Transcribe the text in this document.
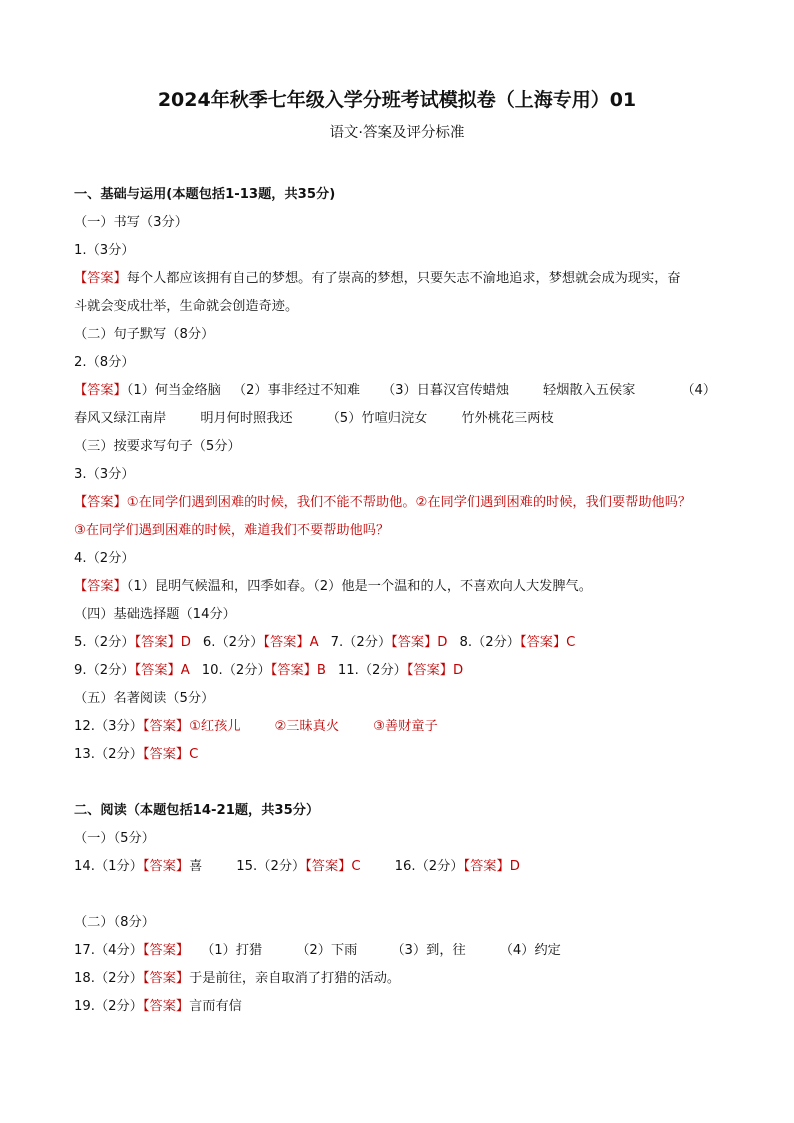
2024年秋季七年级入学分班考试模拟卷（上海专用）01
语文·答案及评分标准
一、基础与运用(本题包括1-13题，共35分)
（一）书写（3分）
1.（3分）
【答案】每个人都应该拥有自己的梦想。有了崇高的梦想，只要矢志不渝地追求，梦想就会成为现实，奋
斗就会变成壮举，生命就会创造奇迹。
（二）句子默写（8分）
2.（8分）
【答案】（1）何当金络脑 （2）事非经过不知难 （3）日暮汉宫传蜡烛	轻烟散入五侯家	（4）
春风又绿江南岸	明月何时照我还	（5）竹喧归浣女	竹外桃花三两枝
（三）按要求写句子（5分）
3.（3分）
【答案】①在同学们遇到困难的时候，我们不能不帮助他。②在同学们遇到困难的时候，我们要帮助他吗？
③在同学们遇到困难的时候，难道我们不要帮助他吗？
4.（2分）
【答案】（1）昆明气候温和，四季如春。（2）他是一个温和的人，不喜欢向人大发脾气。
（四）基础选择题（14分）
5.（2分）【答案】D 6.（2分）【答案】A 7.（2分）【答案】D 8.（2分）【答案】C
9.（2分）【答案】A 10.（2分）【答案】B 11.（2分）【答案】D
（五）名著阅读（5分）
12.（3分）【答案】①红孩儿	②三昧真火	③善财童子
13.（2分）【答案】C
二、阅读（本题包括14-21题，共35分）
（一）（5分）
14.（1分）【答案】喜	15.（2分）【答案】C	16.（2分）【答案】D
（二）（8分）
17.（4分）【答案】 （1）打猎	（2）下雨	（3）到，往	（4）约定
18.（2分）【答案】于是前往，亲自取消了打猎的活动。
19.（2分）【答案】言而有信
